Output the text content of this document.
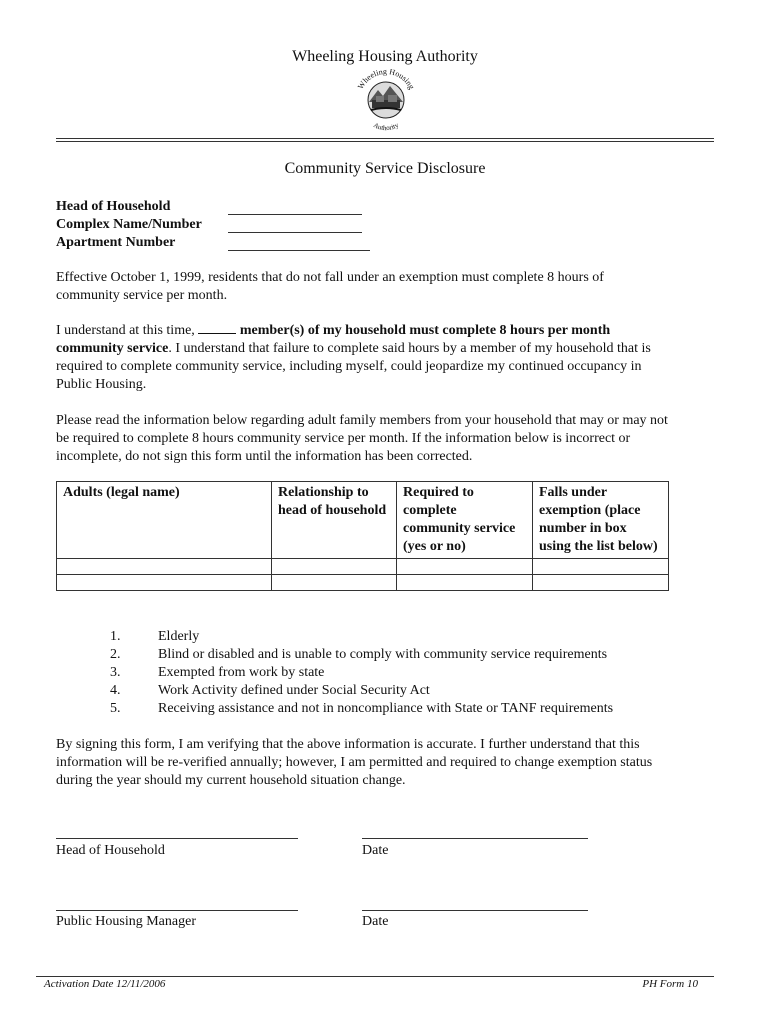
Wheeling Housing Authority
Wheeling Housing
Authority
Community Service Disclosure
Head of Household
Complex Name/Number
Apartment Number
Effective October 1, 1999, residents that do not fall under an exemption must complete 8 hours of community service per month.
I understand at this time,	member(s) of my household must complete 8 hours per month community service. I understand that failure to complete said hours by a member of my household that is required to complete community service, including myself, could jeopardize my continued occupancy in Public Housing.
Please read the information below regarding adult family members from your household that may or may not be required to complete 8 hours community service per month. If the information below is incorrect or incomplete, do not sign this form until the information has been corrected.
Adults (legal name)	Relationship to head of household	Required to complete community service (yes or no)	Falls under exemption (place number in box using the list below)

1.	Elderly
2.	Blind or disabled and is unable to comply with community service requirements
3.	Exempted from work by state
4.	Work Activity defined under Social Security Act
5.	Receiving assistance and not in noncompliance with State or TANF requirements
By signing this form, I am verifying that the above information is accurate. I further understand that this information will be re-verified annually; however, I am permitted and required to change exemption status during the year should my current household situation change.
Head of Household	Date
Public Housing Manager	Date
Activation Date 12/11/2006	PH Form 10
